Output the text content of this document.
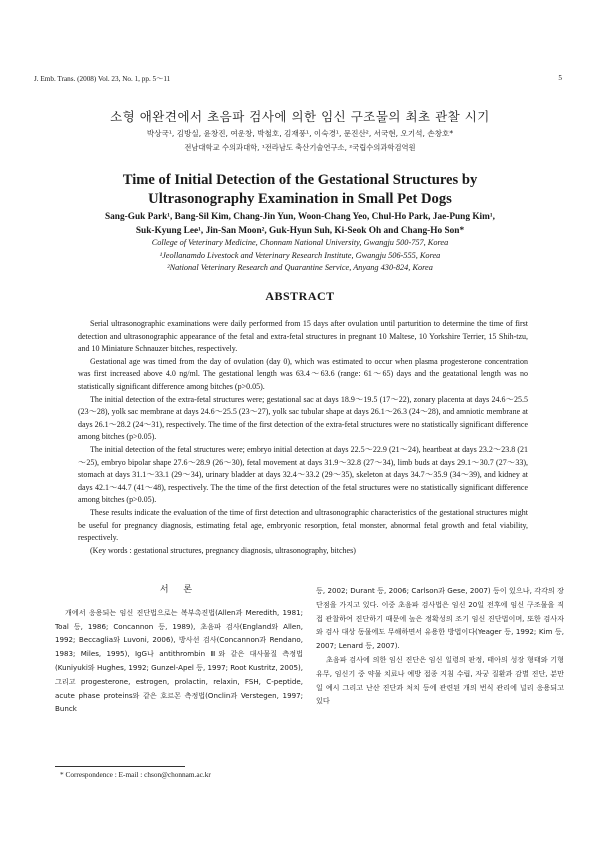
J. Emb. Trans. (2008) Vol. 23, No. 1, pp. 5～11	5
소형 애완견에서 초음파 검사에 의한 임신 구조물의 최초 관찰 시기
박상국¹, 김방실, 윤창진, 여운창, 박철호, 김재풍¹, 이숙경¹, 문진산², 서국현, 오기석, 손창호*
전남대학교 수의과대학, ¹전라남도 축산기술연구소, ²국립수의과학검역원
Time of Initial Detection of the Gestational Structures by
Ultrasonography Examination in Small Pet Dogs
Sang-Guk Park¹, Bang-Sil Kim, Chang-Jin Yun, Woon-Chang Yeo, Chul-Ho Park, Jae-Pung Kim¹,
Suk-Kyung Lee¹, Jin-San Moon², Guk-Hyun Suh, Ki-Seok Oh and Chang-Ho Son*
College of Veterinary Medicine, Chonnam National University, Gwangju 500-757, Korea
¹Jeollanamdo Livestock and Veterinary Research Institute, Gwangju 506-555, Korea
²National Veterinary Research and Quarantine Service, Anyang 430-824, Korea
ABSTRACT

Serial ultrasonographic examinations were daily performed from 15 days after ovulation until parturition to determine the time of first detection and ultrasonographic appearance of the fetal and extra-fetal structures in pregnant 10 Maltese, 10 Yorkshire Terrier, 15 Shih-tzu, and 10 Miniature Schnauzer bitches, respectively.

Gestational age was timed from the day of ovulation (day 0), which was estimated to occur when plasma progesterone concentration was first increased above 4.0 ng/ml. The gestational length was 63.4～63.6 (range: 61～65) days and the geatational length was no statistically significant difference among bitches (p>0.05).

The initial detection of the extra-fetal structures were; gestational sac at days 18.9～19.5 (17～22), zonary placenta at days 24.6～25.5 (23～28), yolk sac membrane at days 24.6～25.5 (23～27), yolk sac tubular shape at days 26.1～26.3 (24～28), and amniotic membrane at days 26.1～28.2 (24～31), respectively. The time of the first detection of the extra-fetal structures were no statistically significant difference among bitches (p>0.05).

The initial detection of the fetal structures were; embryo initial detection at days 22.5～22.9 (21～24), heartbeat at days 23.2～23.8 (21～25), embryo bipolar shape 27.6～28.9 (26～30), fetal movement at days 31.9～32.8 (27～34), limb buds at days 29.1～30.7 (27～33), stomach at days 31.1～33.1 (29～34), urinary bladder at days 32.4～33.2 (29～35), skeleton at days 34.7～35.9 (34～39), and kidney at days 42.1～44.7 (41～48), respectively. The the time of the first detection of the fetal structures were no statistically significant difference among bitches (p>0.05).

These results indicate the evaluation of the time of first detection and ultrasonographic characteristics of the gestational structures might be useful for pregnancy diagnosis, estimating fetal age, embryonic resorption, fetal monster, abnormal fetal growth and fetal viability, respectively.

(Key words : gestational structures, pregnancy diagnosis, ultrasonography, bitches)

서 론

개에서 응용되는 임신 진단법으로는 복부촉진법(Allen과 Meredith, 1981; Toal 등, 1986; Concannon 등, 1989), 초음파 검사(England와 Allen, 1992; Beccaglia와 Luvoni, 2006), 방사선 검사(Concannon과 Rendano, 1983; Miles, 1995), IgG나 antithrombin Ⅲ와 같은 대사물질 측정법(Kuniyuki와 Hughes, 1992; Gunzel-Apel 등, 1997; Root Kustritz, 2005), 그리고 progesterone, estrogen, prolactin, relaxin, FSH, C-peptide, acute phase proteins와 같은 호르몬 측정법(Onclin과 Verstegen, 1997; Bunck

등, 2002; Durant 등, 2006; Carlson과 Gese, 2007) 등이 있으나, 각각의 장단점을 가지고 있다. 이중 초음파 검사법은 임신 20일 전후에 임신 구조물을 직접 관찰하여 진단하기 때문에 높은 정확성의 조기 임신 진단법이며, 또한 검사자와 검사 대상 동물에도 무해하면서 유용한 방법이다(Yeager 등, 1992; Kim 등, 2007; Lenard 등, 2007).

초음파 검사에 의한 임신 진단은 임신 일령의 판정, 태아의 성장 형태와 기형 유무, 임신기 중 약물 치료나 예방 접종 지침 수립, 자궁 질환과 감별 진단, 분만일 예시 그리고 난산 진단과 처치 등에 관련된 개의 번식 관리에 널리 응용되고 있다

* Correspondence : E-mail : chson@chonnam.ac.kr
